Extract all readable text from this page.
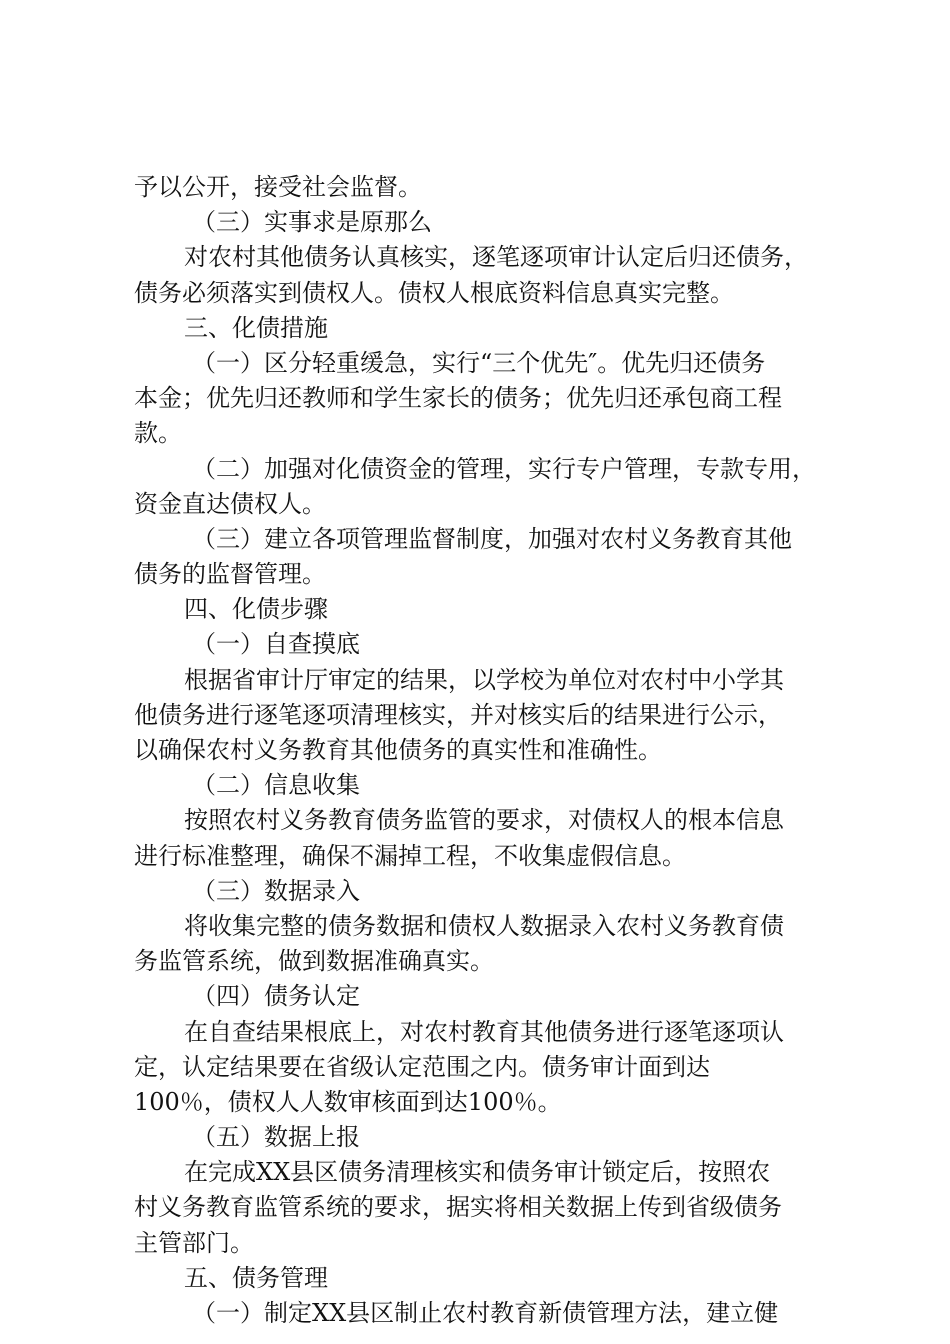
予以公开，接受社会监督。
（三）实事求是原那么
对农村其他债务认真核实，逐笔逐项审计认定后归还债务，
债务必须落实到债权人。债权人根底资料信息真实完整。
三、化债措施
（一）区分轻重缓急，实行“三个优先″。优先归还债务
本金；优先归还教师和学生家长的债务；优先归还承包商工程
款。
（二）加强对化债资金的管理，实行专户管理，专款专用，
资金直达债权人。
（三）建立各项管理监督制度，加强对农村义务教育其他
债务的监督管理。
四、化债步骤
（一）自查摸底
根据省审计厅审定的结果，以学校为单位对农村中小学其
他债务进行逐笔逐项清理核实，并对核实后的结果进行公示，
以确保农村义务教育其他债务的真实性和准确性。
（二）信息收集
按照农村义务教育债务监管的要求，对债权人的根本信息
进行标准整理，确保不漏掉工程，不收集虚假信息。
（三）数据录入
将收集完整的债务数据和债权人数据录入农村义务教育债
务监管系统，做到数据准确真实。
（四）债务认定
在自查结果根底上，对农村教育其他债务进行逐笔逐项认
定，认定结果要在省级认定范围之内。债务审计面到达
100％，债权人人数审核面到达100％。
（五）数据上报
在完成XX县区债务清理核实和债务审计锁定后，按照农
村义务教育监管系统的要求，据实将相关数据上传到省级债务
主管部门。
五、债务管理
（一）制定XX县区制止农村教育新债管理方法，建立健
